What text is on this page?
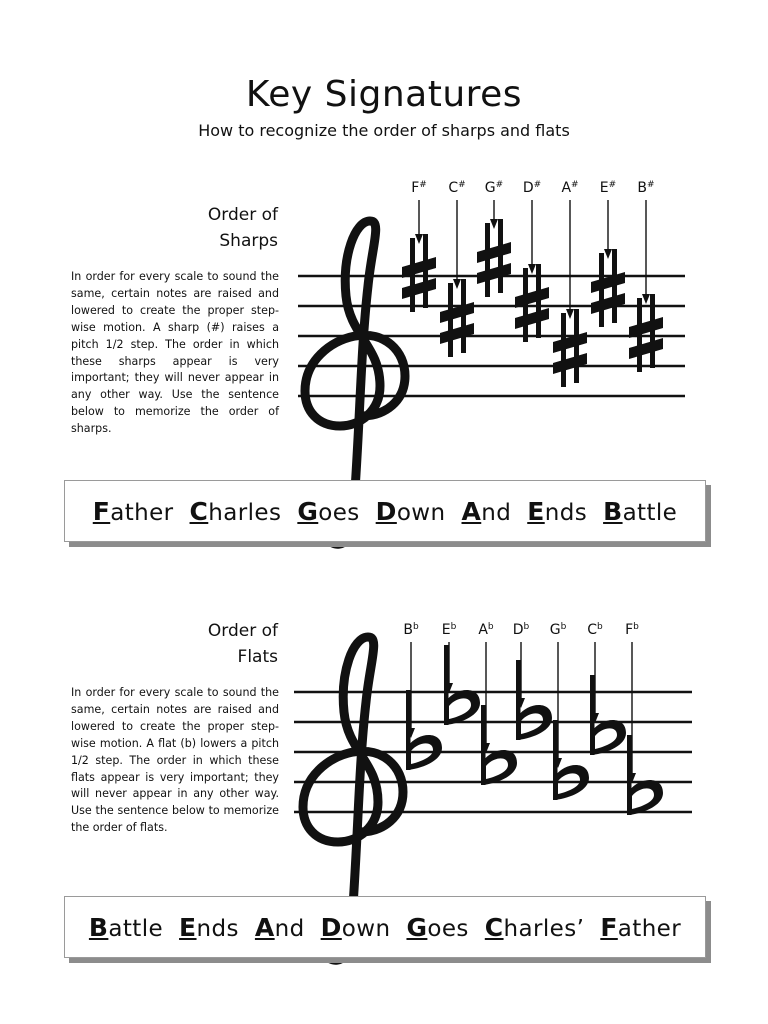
Key Signatures
How to recognize the order of sharps and flats
Order of
Sharps
In order for every scale to sound the same, certain notes are raised and lowered to create the proper step-wise motion. A sharp (#) raises a pitch 1/2 step. The order in which these sharps appear is very important; they will never appear in any other way. Use the sentence below to memorize the order of sharps.
F# C# G# D# A# E# B#
Father Charles Goes Down And Ends Battle
Order of
Flats
In order for every scale to sound the same, certain notes are raised and lowered to create the proper step-wise motion. A flat (b) lowers a pitch 1/2 step. The order in which these flats appear is very important; they will never appear in any other way. Use the sentence below to memorize the order of flats.
$B^b$ $E^b$ $A^b$ $D^b$ $G^b$ $C^b$ $F^b$
Battle Ends And Down Goes Charles’ Father
